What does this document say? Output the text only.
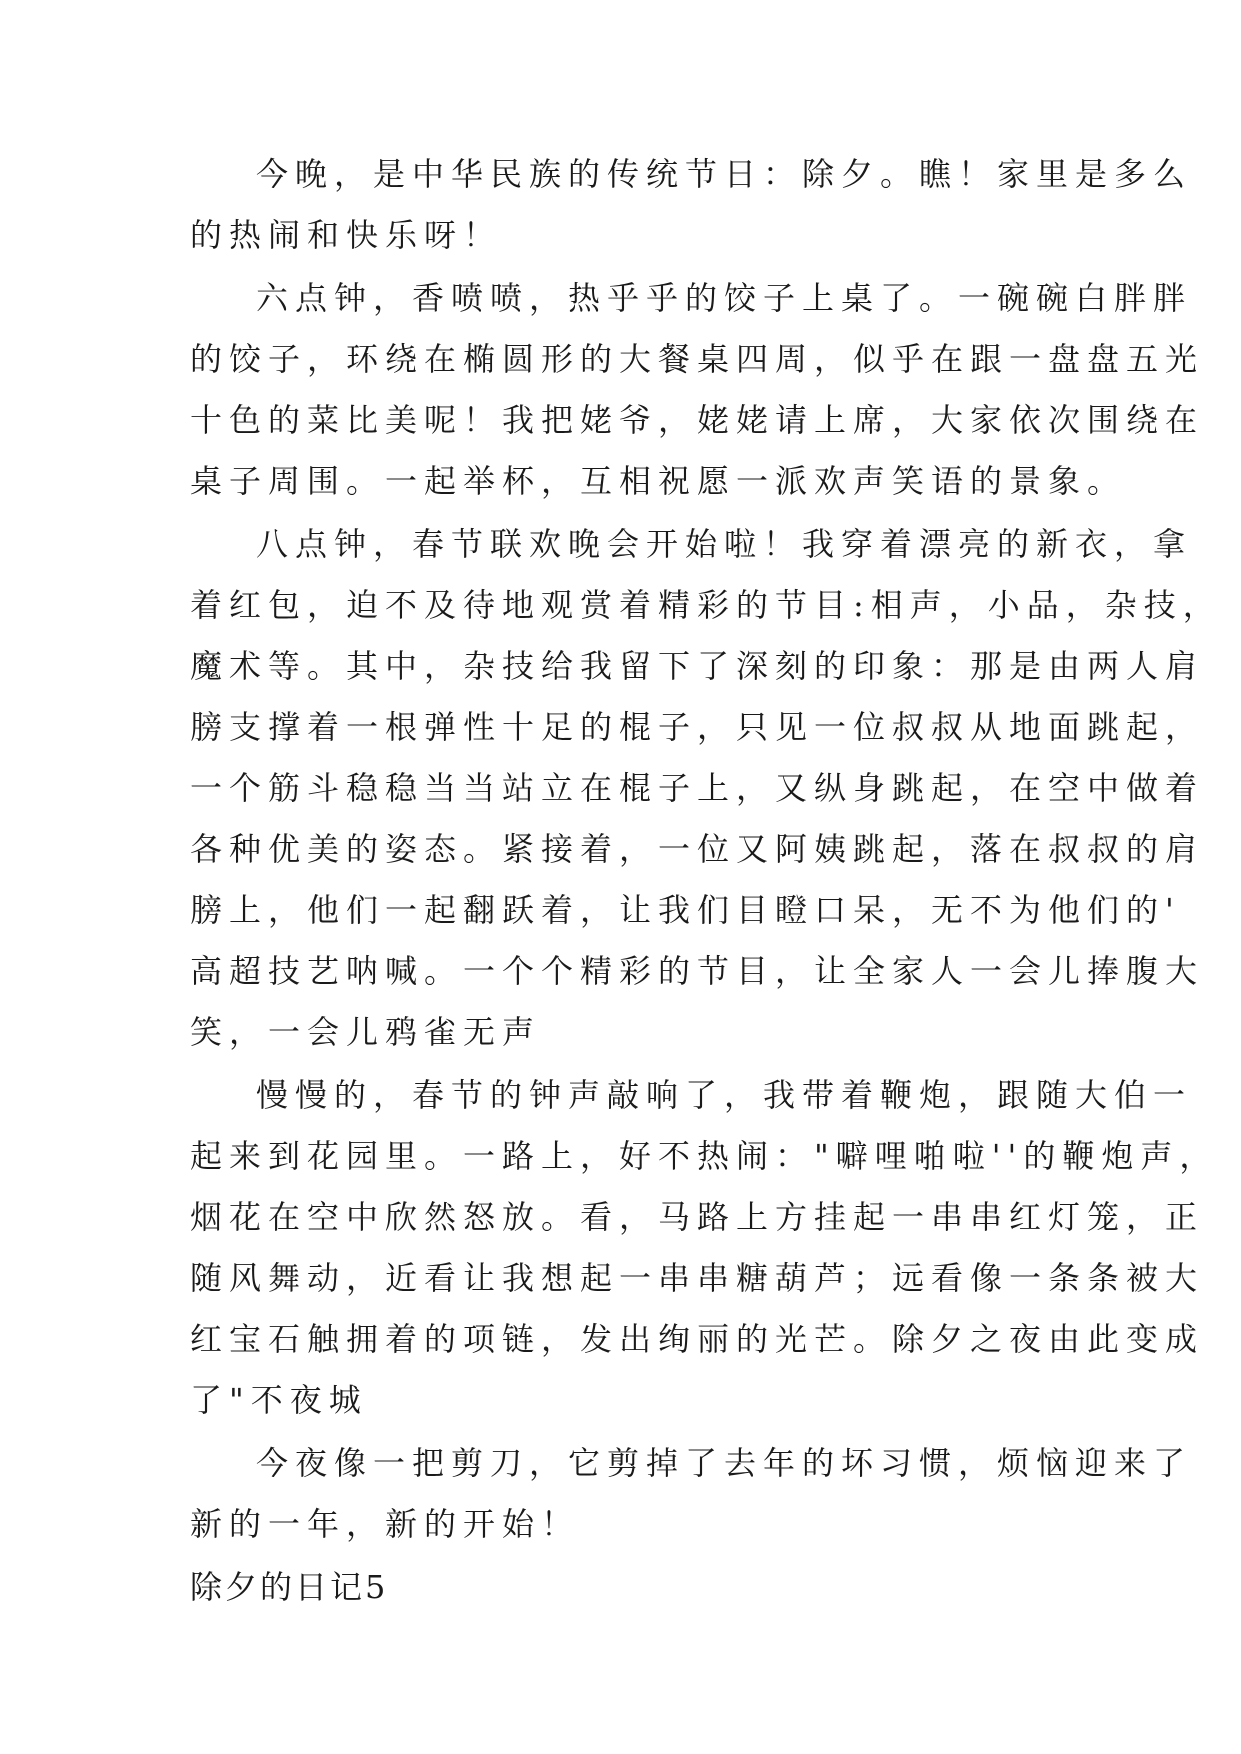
今晚，是中华民族的传统节日：除夕。瞧！家里是多么

的热闹和快乐呀！

六点钟，香喷喷，热乎乎的饺子上桌了。一碗碗白胖胖

的饺子，环绕在椭圆形的大餐桌四周，似乎在跟一盘盘五光

十色的菜比美呢！我把姥爷，姥姥请上席，大家依次围绕在

桌子周围。一起举杯，互相祝愿一派欢声笑语的景象。

八点钟，春节联欢晚会开始啦！我穿着漂亮的新衣，拿

着红包，迫不及待地观赏着精彩的节目:相声，小品，杂技，

魔术等。其中，杂技给我留下了深刻的印象：那是由两人肩

膀支撑着一根弹性十足的棍子，只见一位叔叔从地面跳起，

一个筋斗稳稳当当站立在棍子上，又纵身跳起，在空中做着

各种优美的姿态。紧接着，一位又阿姨跳起，落在叔叔的肩

膀上，他们一起翻跃着，让我们目瞪口呆，无不为他们的'

高超技艺呐喊。一个个精彩的节目，让全家人一会儿捧腹大

笑，一会儿鸦雀无声

慢慢的，春节的钟声敲响了，我带着鞭炮，跟随大伯一

起来到花园里。一路上，好不热闹："噼哩啪啦''的鞭炮声，

烟花在空中欣然怒放。看，马路上方挂起一串串红灯笼，正

随风舞动，近看让我想起一串串糖葫芦；远看像一条条被大

红宝石触拥着的项链，发出绚丽的光芒。除夕之夜由此变成

了"不夜城

今夜像一把剪刀，它剪掉了去年的坏习惯，烦恼迎来了

新的一年，新的开始！

除夕的日记5
